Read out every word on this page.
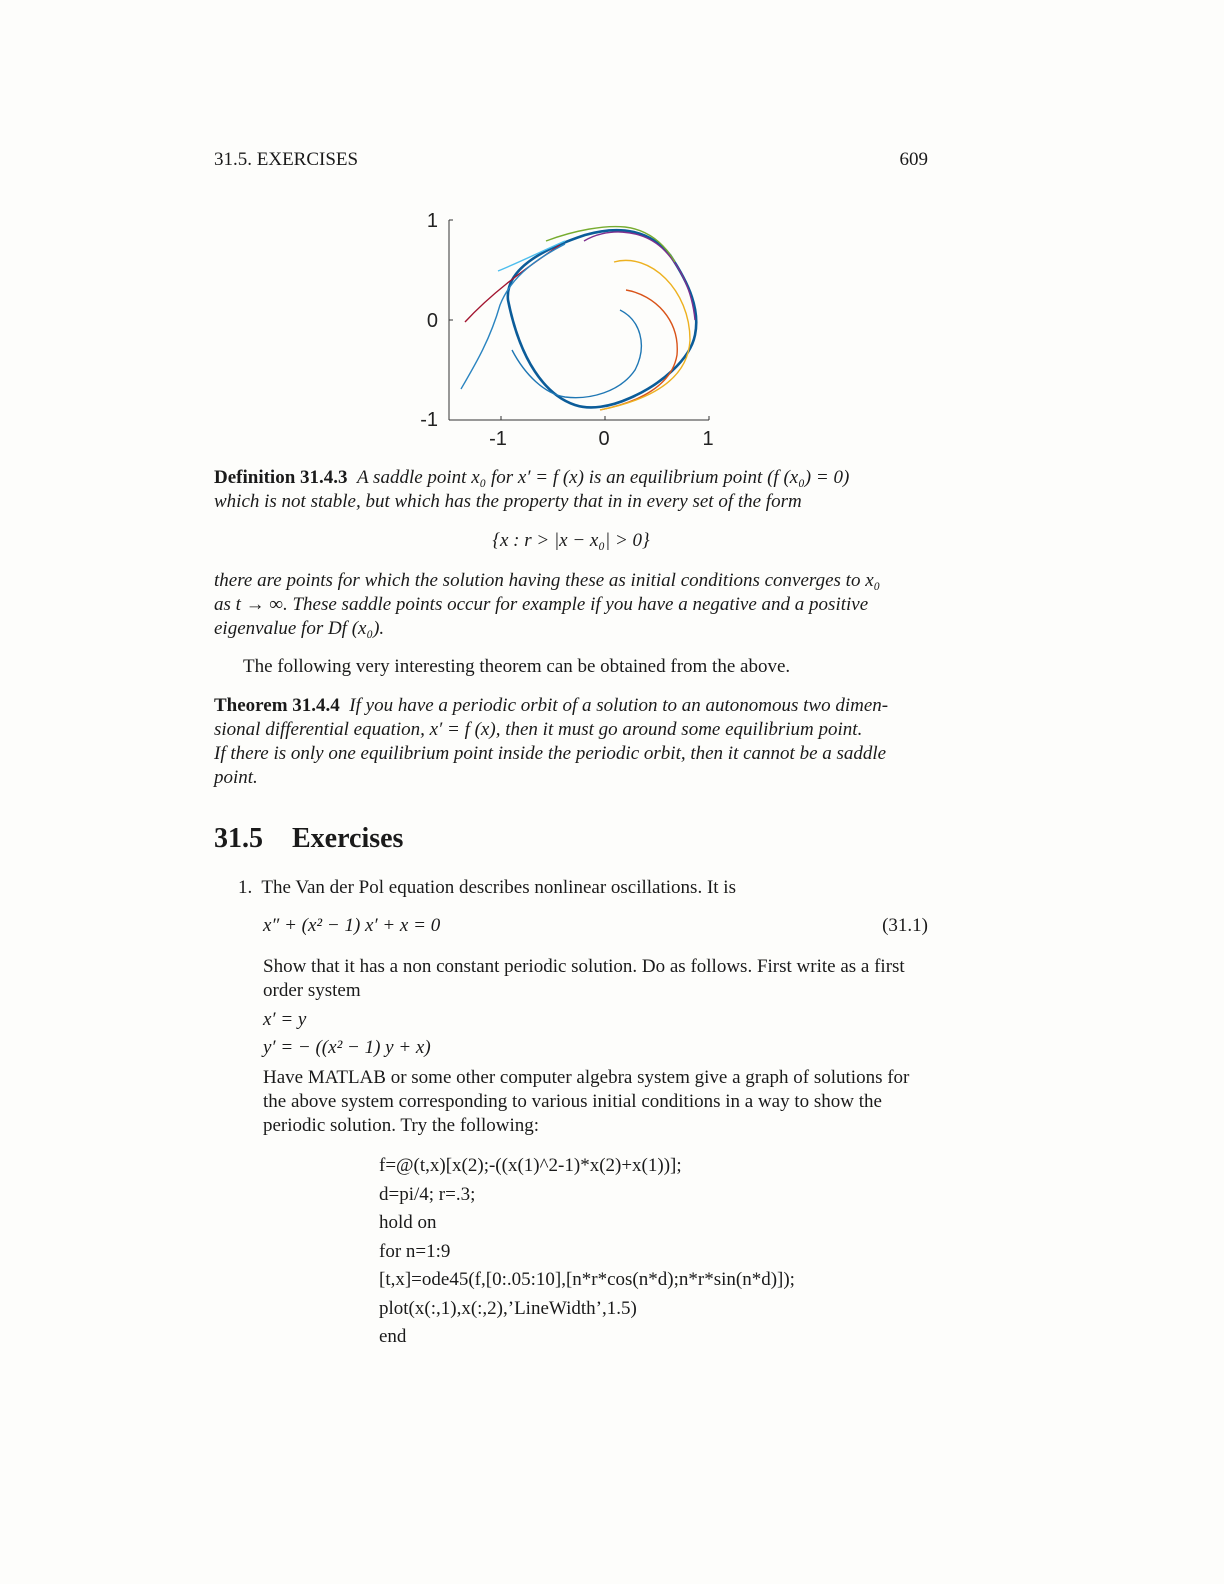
31.5. EXERCISES	609
1
0
-1
-1	0	1
Definition 31.4.3 A saddle point x₀ for x′ = f (x) is an equilibrium point (f (x₀) = 0)
which is not stable, but which has the property that in in every set of the form
{x : r > |x − x₀| > 0}
there are points for which the solution having these as initial conditions converges to x₀
as t → ∞. These saddle points occur for example if you have a negative and a positive
eigenvalue for Df (x₀).
The following very interesting theorem can be obtained from the above.
Theorem 31.4.4 If you have a periodic orbit of a solution to an autonomous two dimen-
sional differential equation, x′ = f (x), then it must go around some equilibrium point.
If there is only one equilibrium point inside the periodic orbit, then it cannot be a saddle
point.
31.5 Exercises
1. The Van der Pol equation describes nonlinear oscillations. It is
x″ + (x² − 1) x′ + x = 0	(31.1)
Show that it has a non constant periodic solution. Do as follows. First write as a first
order system
x′ = y
y′ = − ((x² − 1) y + x)
Have MATLAB or some other computer algebra system give a graph of solutions for
the above system corresponding to various initial conditions in a way to show the
periodic solution. Try the following:
f=@(t,x)[x(2);-((x(1)^2-1)*x(2)+x(1))];
d=pi/4; r=.3;
hold on
for n=1:9
[t,x]=ode45(f,[0:.05:10],[n*r*cos(n*d);n*r*sin(n*d)]);
plot(x(:,1),x(:,2),’LineWidth’,1.5)
end
